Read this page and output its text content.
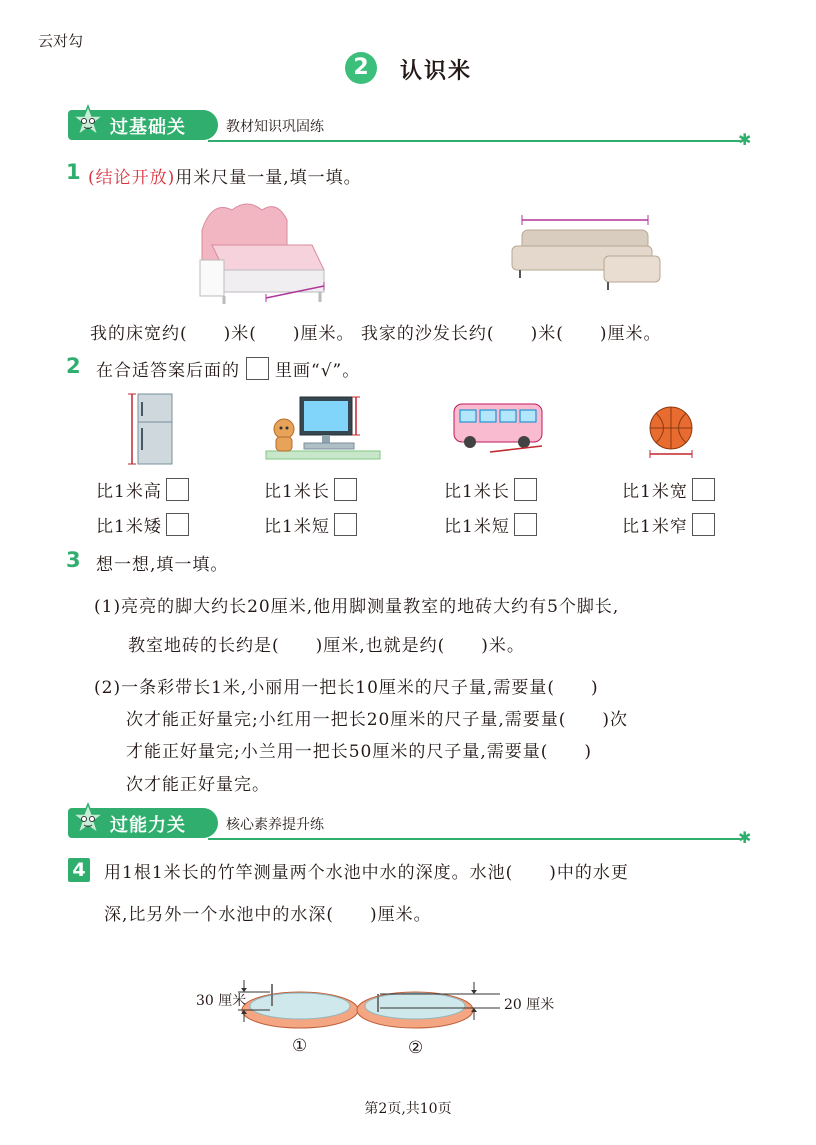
云对勾
2	认识米
过基础关	教材知识巩固练
✱
1 (结论开放)用米尺量一量,填一填。
我的床宽约(　　)米(　　)厘米。 我家的沙发长约(　　)米(　　)厘米。
2 在合适答案后面的 里画“√”。
比1米高
比1米矮
比1米长
比1米短
比1米长
比1米短
比1米宽
比1米窄
3 想一想,填一填。
(1)亮亮的脚大约长20厘米,他用脚测量教室的地砖大约有5个脚长,
教室地砖的长约是(　　)厘米,也就是约(　　)米。
(2)一条彩带长1米,小丽用一把长10厘米的尺子量,需要量(　　)
次才能正好量完;小红用一把长20厘米的尺子量,需要量(　　)次
才能正好量完;小兰用一把长50厘米的尺子量,需要量(　　)
次才能正好量完。
过能力关	核心素养提升练
✱
4 用1根1米长的竹竿测量两个水池中水的深度。水池(　　)中的水更
深,比另外一个水池中的水深(　　)厘米。
30 厘米	20 厘米
①	②
第2页,共10页
